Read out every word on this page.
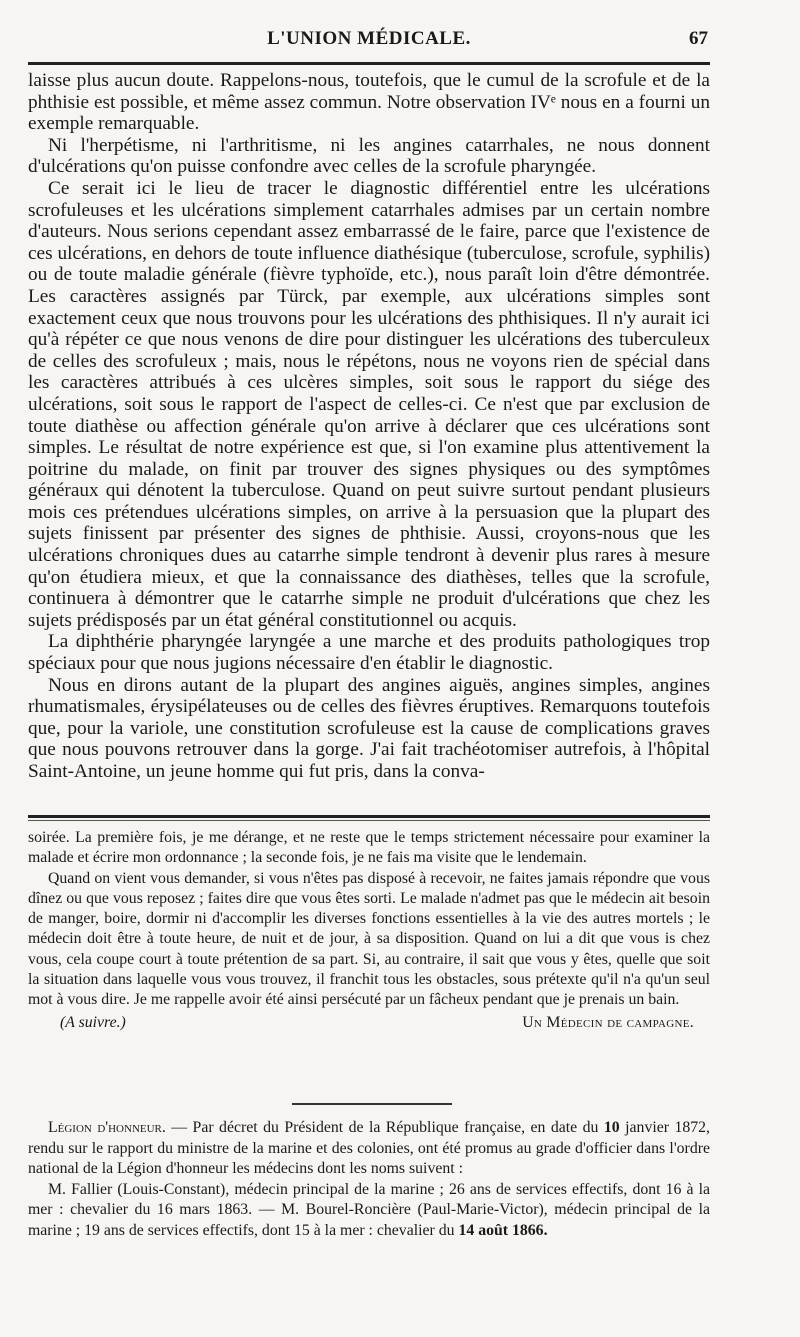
L'UNION MÉDICALE.	67

laisse plus aucun doute. Rappelons-nous, toutefois, que le cumul de la scrofule et de la phthisie est possible, et même assez commun. Notre observation IVᵉ nous en a fourni un exemple remarquable.

Ni l'herpétisme, ni l'arthritisme, ni les angines catarrhales, ne nous donnent d'ulcérations qu'on puisse confondre avec celles de la scrofule pharyngée.

Ce serait ici le lieu de tracer le diagnostic différentiel entre les ulcérations scrofuleuses et les ulcérations simplement catarrhales admises par un certain nombre d'auteurs. Nous serions cependant assez embarrassé de le faire, parce que l'existence de ces ulcérations, en dehors de toute influence diathésique (tuberculose, scrofule, syphilis) ou de toute maladie générale (fièvre typhoïde, etc.), nous paraît loin d'être démontrée. Les caractères assignés par Türck, par exemple, aux ulcérations simples sont exactement ceux que nous trouvons pour les ulcérations des phthisiques. Il n'y aurait ici qu'à répéter ce que nous venons de dire pour distinguer les ulcérations des tuberculeux de celles des scrofuleux ; mais, nous le répétons, nous ne voyons rien de spécial dans les caractères attribués à ces ulcères simples, soit sous le rapport du siége des ulcérations, soit sous le rapport de l'aspect de celles-ci. Ce n'est que par exclusion de toute diathèse ou affection générale qu'on arrive à déclarer que ces ulcérations sont simples. Le résultat de notre expérience est que, si l'on examine plus attentivement la poitrine du malade, on finit par trouver des signes physiques ou des symptômes généraux qui dénotent la tuberculose. Quand on peut suivre surtout pendant plusieurs mois ces prétendues ulcérations simples, on arrive à la persuasion que la plupart des sujets finissent par présenter des signes de phthisie. Aussi, croyons-nous que les ulcérations chroniques dues au catarrhe simple tendront à devenir plus rares à mesure qu'on étudiera mieux, et que la connaissance des diathèses, telles que la scrofule, continuera à démontrer que le catarrhe simple ne produit d'ulcérations que chez les sujets prédisposés par un état général constitutionnel ou acquis.

La diphthérie pharyngée laryngée a une marche et des produits pathologiques trop spéciaux pour que nous jugions nécessaire d'en établir le diagnostic.

Nous en dirons autant de la plupart des angines aiguës, angines simples, angines rhumatismales, érysipélateuses ou de celles des fièvres éruptives. Remarquons toutefois que, pour la variole, une constitution scrofuleuse est la cause de complications graves que nous pouvons retrouver dans la gorge. J'ai fait trachéotomiser autrefois, à l'hôpital Saint-Antoine, un jeune homme qui fut pris, dans la conva-

soirée. La première fois, je me dérange, et ne reste que le temps strictement nécessaire pour examiner la malade et écrire mon ordonnance ; la seconde fois, je ne fais ma visite que le lendemain.

Quand on vient vous demander, si vous n'êtes pas disposé à recevoir, ne faites jamais répondre que vous dînez ou que vous reposez ; faites dire que vous êtes sorti. Le malade n'admet pas que le médecin ait besoin de manger, boire, dormir ni d'accomplir les diverses fonctions essentielles à la vie des autres mortels ; le médecin doit être à toute heure, de nuit et de jour, à sa disposition. Quand on lui a dit que vous is chez vous, cela coupe court à toute prétention de sa part. Si, au contraire, il sait que vous y êtes, quelle que soit la situation dans laquelle vous vous trouvez, il franchit tous les obstacles, sous prétexte qu'il n'a qu'un seul mot à vous dire. Je me rappelle avoir été ainsi persécuté par un fâcheux pendant que je prenais un bain.

(A suivre.)	Un Médecin de campagne.

Légion d'honneur. — Par décret du Président de la République française, en date du 10 janvier 1872, rendu sur le rapport du ministre de la marine et des colonies, ont été promus au grade d'officier dans l'ordre national de la Légion d'honneur les médecins dont les noms suivent :

M. Fallier (Louis-Constant), médecin principal de la marine ; 26 ans de services effectifs, dont 16 à la mer : chevalier du 16 mars 1863. — M. Bourel-Roncière (Paul-Marie-Victor), médecin principal de la marine ; 19 ans de services effectifs, dont 15 à la mer : chevalier du 14 août 1866.
